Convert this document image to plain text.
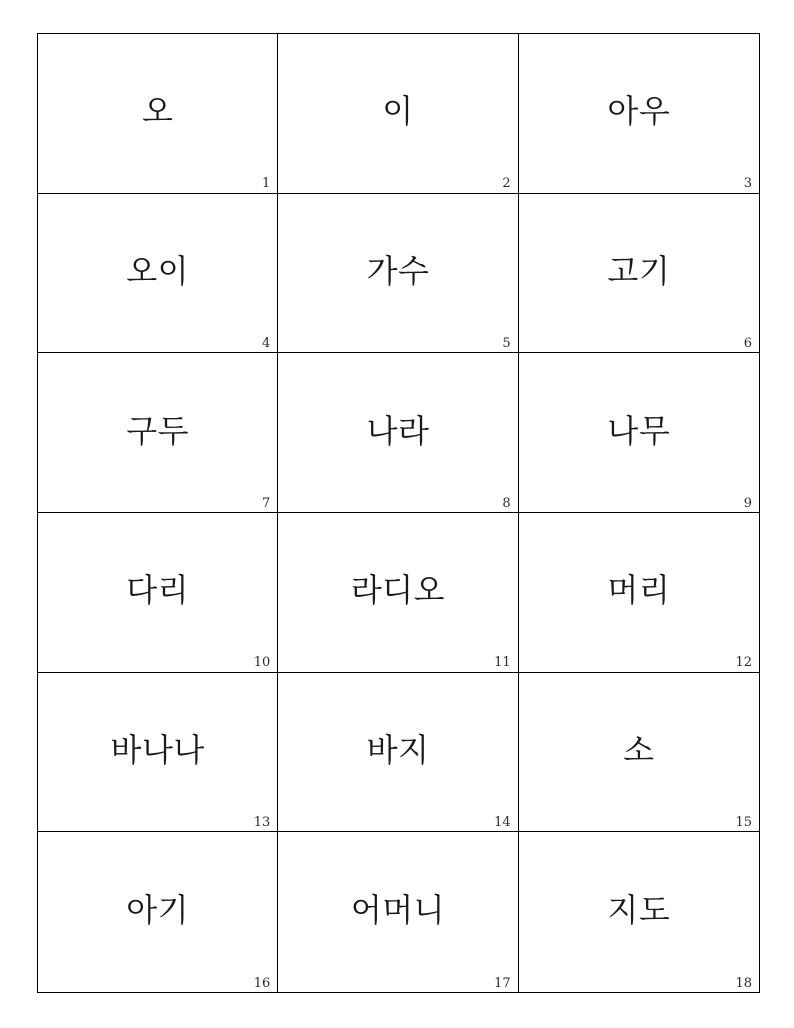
오
1
이
2
아우
3
오이
4
가수
5
고기
6
구두
7
나라
8
나무
9
다리
10
라디오
11
머리
12
바나나
13
바지
14
소
15
아기
16
어머니
17
지도
18
